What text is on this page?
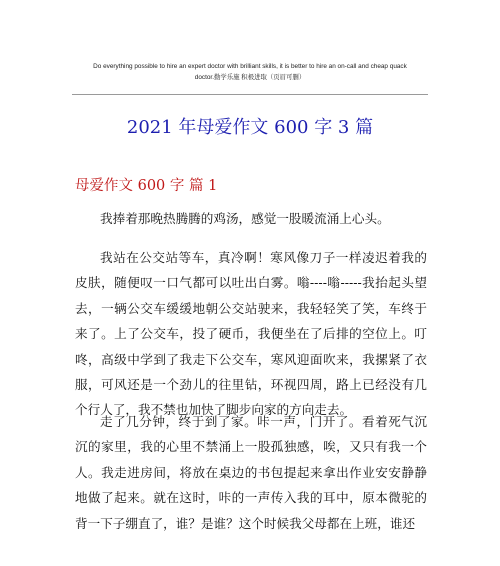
Do everything possible to hire an expert doctor with brilliant skills, it is better to hire an on-call and cheap quack
doctor.勤学乐施 积极进取（页眉可删）
2021 年母爱作文 600 字 3 篇
母爱作文 600 字 篇 1

我捧着那晚热腾腾的鸡汤，感觉一股暖流涌上心头。

我站在公交站等车，真冷啊！寒风像刀子一样凌迟着我的皮肤，随便叹一口气都可以吐出白雾。嗡----嗡-----我抬起头望去，一辆公交车缓缓地朝公交站驶来，我轻轻笑了笑，车终于来了。上了公交车，投了硬币，我便坐在了后排的空位上。叮咚，高级中学到了我走下公交车，寒风迎面吹来，我摞紧了衣服，可风还是一个劲儿的往里钻，环视四周，路上已经没有几个行人了，我不禁也加快了脚步向家的方向走去。

走了几分钟，终于到了家。咔一声，门开了。看着死气沉沉的家里，我的心里不禁涌上一股孤独感，唉，又只有我一个人。我走进房间，将放在桌边的书包提起来拿出作业安安静静地做了起来。就在这时，咔的一声传入我的耳中，原本微驼的背一下子绷直了，谁？是谁？这个时候我父母都在上班，谁还
